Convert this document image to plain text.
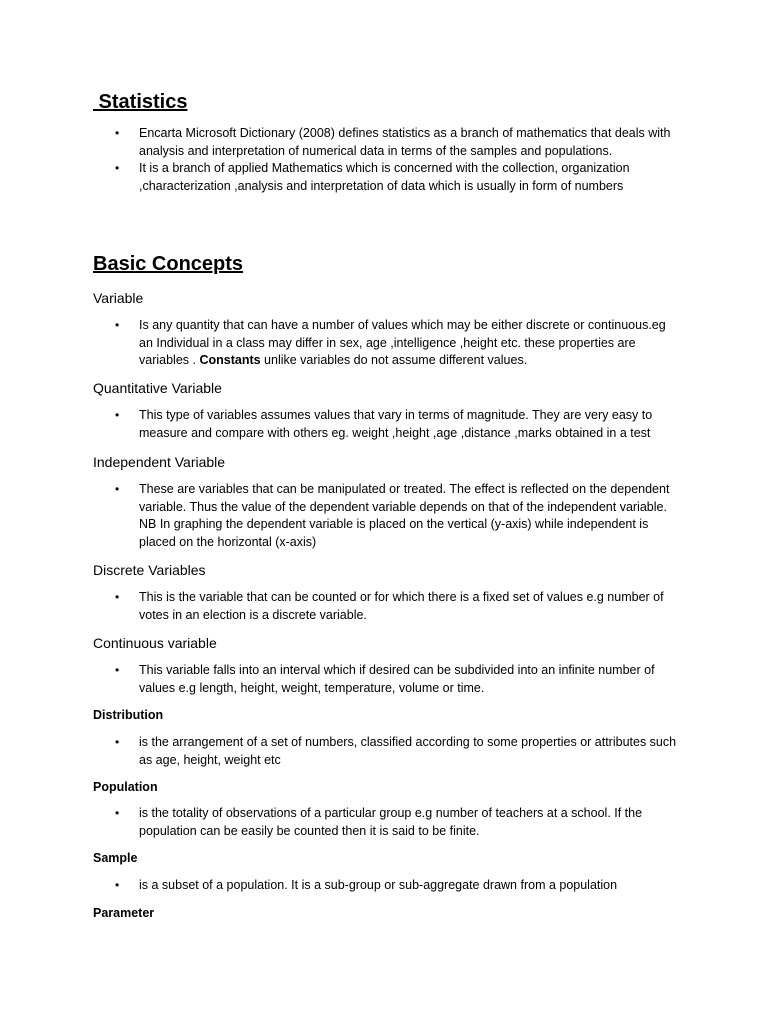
Statistics
• Encarta Microsoft Dictionary (2008) defines statistics as a branch of mathematics that deals with analysis and interpretation of numerical data in terms of the samples and populations.
• It is a branch of applied Mathematics which is concerned with the collection, organization ,characterization ,analysis and interpretation of data which is usually in form of numbers
Basic Concepts
Variable
• Is any quantity that can have a number of values which may be either discrete or continuous.eg an Individual in a class may differ in sex, age ,intelligence ,height etc. these properties are variables . Constants unlike variables do not assume different values.
Quantitative Variable
• This type of variables assumes values that vary in terms of magnitude. They are very easy to measure and compare with others eg. weight ,height ,age ,distance ,marks obtained in a test
Independent Variable
• These are variables that can be manipulated or treated. The effect is reflected on the dependent variable. Thus the value of the dependent variable depends on that of the independent variable. NB In graphing the dependent variable is placed on the vertical (y-axis) while independent is placed on the horizontal (x-axis)
Discrete Variables
• This is the variable that can be counted or for which there is a fixed set of values e.g number of votes in an election is a discrete variable.
Continuous variable
• This variable falls into an interval which if desired can be subdivided into an infinite number of values e.g length, height, weight, temperature, volume or time.
Distribution
• is the arrangement of a set of numbers, classified according to some properties or attributes such as age, height, weight etc
Population
• is the totality of observations of a particular group e.g number of teachers at a school. If the population can be easily be counted then it is said to be finite.
Sample
• is a subset of a population. It is a sub-group or sub-aggregate drawn from a population
Parameter
